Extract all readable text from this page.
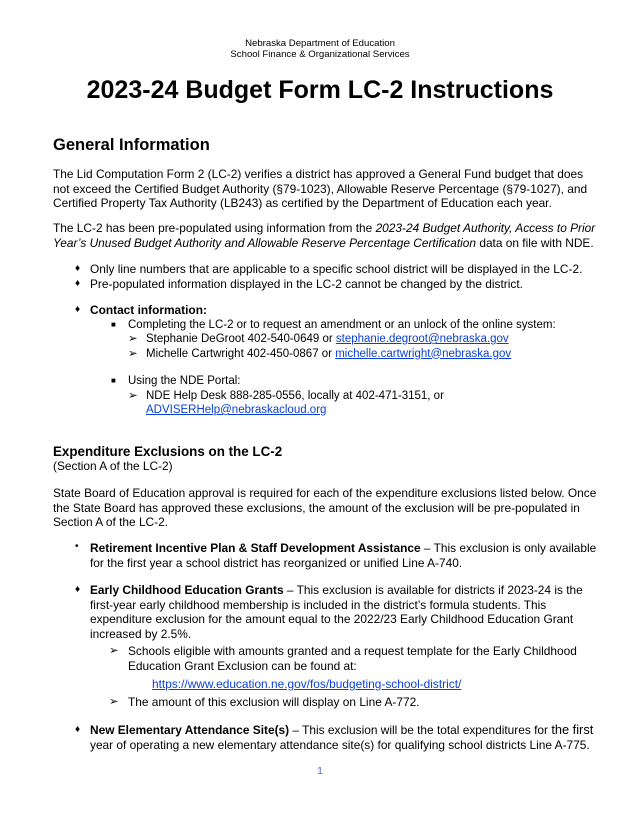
Nebraska Department of Education

School Finance & Organizational Services

2023-24 Budget Form LC-2 Instructions
General Information

The Lid Computation Form 2 (LC-2) verifies a district has approved a General Fund budget that does

not exceed the Certified Budget Authority (§79-1023), Allowable Reserve Percentage (§79-1027), and

Certified Property Tax Authority (LB243) as certified by the Department of Education each year.

The LC-2 has been pre-populated using information from the 2023-24 Budget Authority, Access to Prior

Year’s Unused Budget Authority and Allowable Reserve Percentage Certification data on file with NDE.

♦ Only line numbers that are applicable to a specific school district will be displayed in the LC-2.

♦ Pre-populated information displayed in the LC-2 cannot be changed by the district.

♦ Contact information:

■ Completing the LC-2 or to request an amendment or an unlock of the online system:

➢ Stephanie DeGroot 402-540-0649 or stephanie.degroot@nebraska.gov

➢ Michelle Cartwright 402-450-0867 or michelle.cartwright@nebraska.gov

■ Using the NDE Portal:

➢ NDE Help Desk 888-285-0556, locally at 402-471-3151, or

ADVISERHelp@nebraskacloud.org

Expenditure Exclusions on the LC-2

(Section A of the LC-2)

State Board of Education approval is required for each of the expenditure exclusions listed below. Once

the State Board has approved these exclusions, the amount of the exclusion will be pre-populated in

Section A of the LC-2.

• Retirement Incentive Plan & Staff Development Assistance – This exclusion is only available

for the first year a school district has reorganized or unified Line A-740.

♦ Early Childhood Education Grants – This exclusion is available for districts if 2023-24 is the

first-year early childhood membership is included in the district’s formula students. This

expenditure exclusion for the amount equal to the 2022/23 Early Childhood Education Grant

increased by 2.5%.

➢ Schools eligible with amounts granted and a request template for the Early Childhood

Education Grant Exclusion can be found at:

https://www.education.ne.gov/fos/budgeting-school-district/

➢ The amount of this exclusion will display on Line A-772.

♦ New Elementary Attendance Site(s) – This exclusion will be the total expenditures for the first

year of operating a new elementary attendance site(s) for qualifying school districts Line A-775.

1
